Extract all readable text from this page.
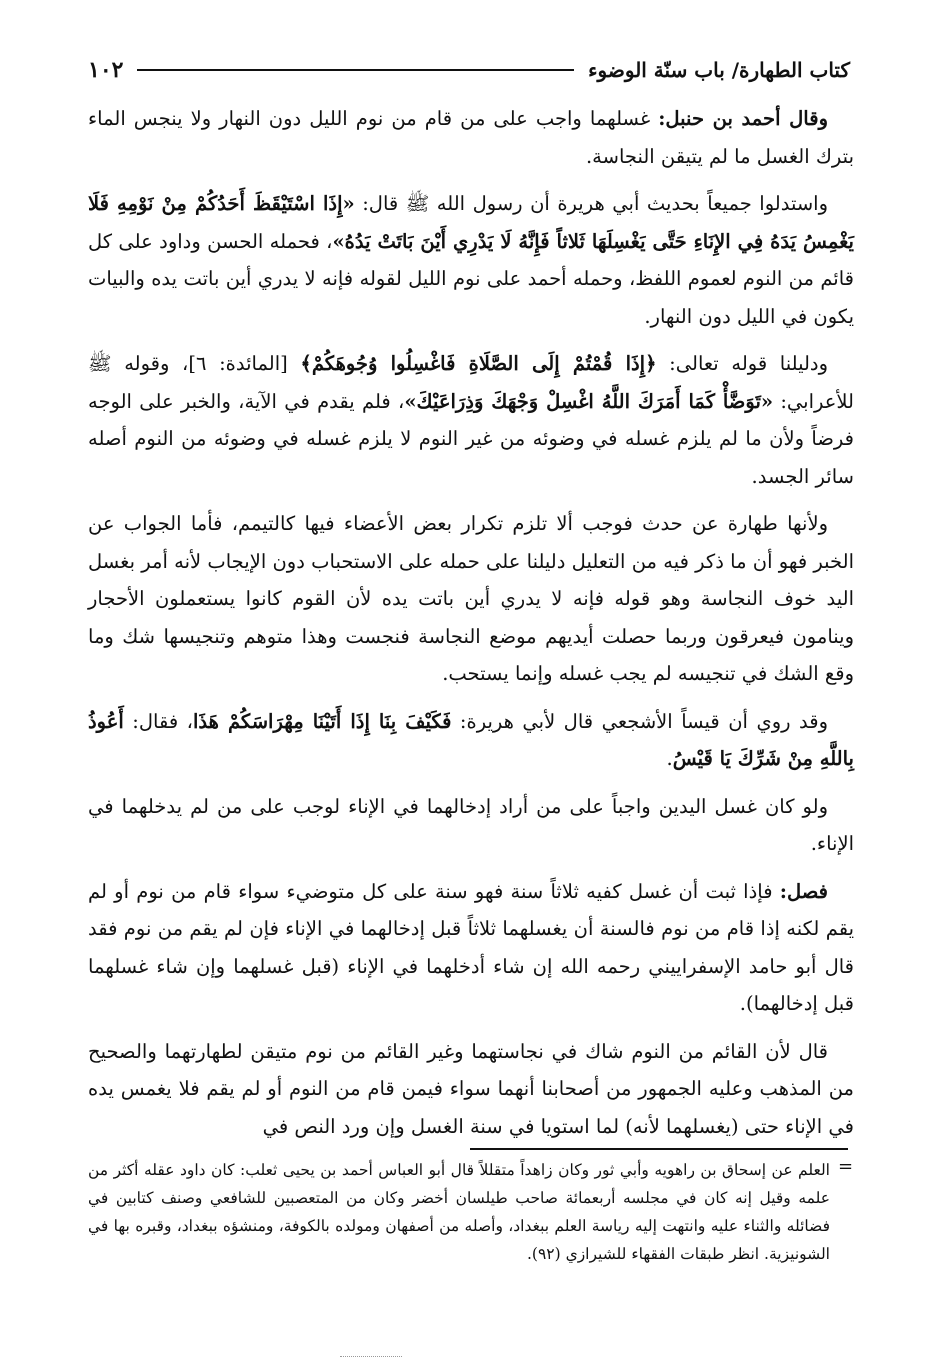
كتاب الطهارة/ باب سنّة الوضوء
١٠٢

وقال أحمد بن حنبل: غسلهما واجب على من قام من نوم الليل دون النهار ولا ينجس الماء بترك الغسل ما لم يتيقن النجاسة.

واستدلوا جميعاً بحديث أبي هريرة أن رسول الله ﷺ قال: «إِذَا اسْتَيْقَظَ أَحَدُكُمْ مِنْ نَوْمِهِ فَلَا يَغْمِسُ يَدَهُ فِي الإِنَاءِ حَتَّى يَغْسِلَهَا ثَلاثاً فَإِنَّهُ لَا يَدْرِي أَيْنَ بَاتَتْ يَدُهُ»، فحمله الحسن وداود على كل قائم من النوم لعموم اللفظ، وحمله أحمد على نوم الليل لقوله فإنه لا يدري أين باتت يده والبيات يكون في الليل دون النهار.

ودليلنا قوله تعالى: ﴿إِذَا قُمْتُمْ إِلَى الصَّلَاةِ فَاغْسِلُوا وُجُوهَكُمْ﴾ [المائدة: ٦]، وقوله ﷺ للأعرابي: «تَوَضَّأْ كَمَا أَمَرَكَ اللَّهُ اغْسِلْ وَجْهَكَ وَذِرَاعَيْكَ»، فلم يقدم في الآية، والخبر على الوجه فرضاً ولأن ما لم يلزم غسله في وضوئه من غير النوم لا يلزم غسله في وضوئه من النوم أصله سائر الجسد.

ولأنها طهارة عن حدث فوجب ألا تلزم تكرار بعض الأعضاء فيها كالتيمم، فأما الجواب عن الخبر فهو أن ما ذكر فيه من التعليل دليلنا على حمله على الاستحباب دون الإيجاب لأنه أمر بغسل اليد خوف النجاسة وهو قوله فإنه لا يدري أين باتت يده لأن القوم كانوا يستعملون الأحجار وينامون فيعرقون وربما حصلت أيديهم موضع النجاسة فنجست وهذا متوهم وتنجيسها شك وما وقع الشك في تنجيسه لم يجب غسله وإنما يستحب.

وقد روي أن قيساً الأشجعي قال لأبي هريرة: فَكَيْفَ بِنَا إِذَا أَتَيْنَا مِهْرَاسَكُمْ هَذَا، فقال: أَعُوذُ بِاللَّهِ مِنْ شَرِّكَ يَا قَيْسُ.

ولو كان غسل اليدين واجباً على من أراد إدخالهما في الإناء لوجب على من لم يدخلهما في الإناء.

فصل: فإذا ثبت أن غسل كفيه ثلاثاً سنة فهو سنة على كل متوضيء سواء قام من نوم أو لم يقم لكنه إذا قام من نوم فالسنة أن يغسلهما ثلاثاً قبل إدخالهما في الإناء فإن لم يقم من نوم فقد قال أبو حامد الإسفراييني رحمه الله إن شاء أدخلهما في الإناء (قبل غسلهما وإن شاء غسلهما قبل إدخالهما).

قال لأن القائم من النوم شاك في نجاستهما وغير القائم من نوم متيقن لطهارتهما والصحيح من المذهب وعليه الجمهور من أصحابنا أنهما سواء فيمن قام من النوم أو لم يقم فلا يغمس يده في الإناء حتى (يغسلهما لأنه) لما استويا في سنة الغسل وإن ورد النص في

=
العلم عن إسحاق بن راهويه وأبي ثور وكان زاهداً متقللاً قال أبو العباس أحمد بن يحيى ثعلب: كان داود عقله أكثر من علمه وقيل إنه كان في مجلسه أربعمائة صاحب طيلسان أخضر وكان من المتعصبين للشافعي وصنف كتابين في فضائله والثناء عليه وانتهت إليه رياسة العلم ببغداد، وأصله من أصفهان ومولده بالكوفة، ومنشؤه ببغداد، وقبره بها في الشونيزية. انظر طبقات الفقهاء للشيرازي (٩٢).
